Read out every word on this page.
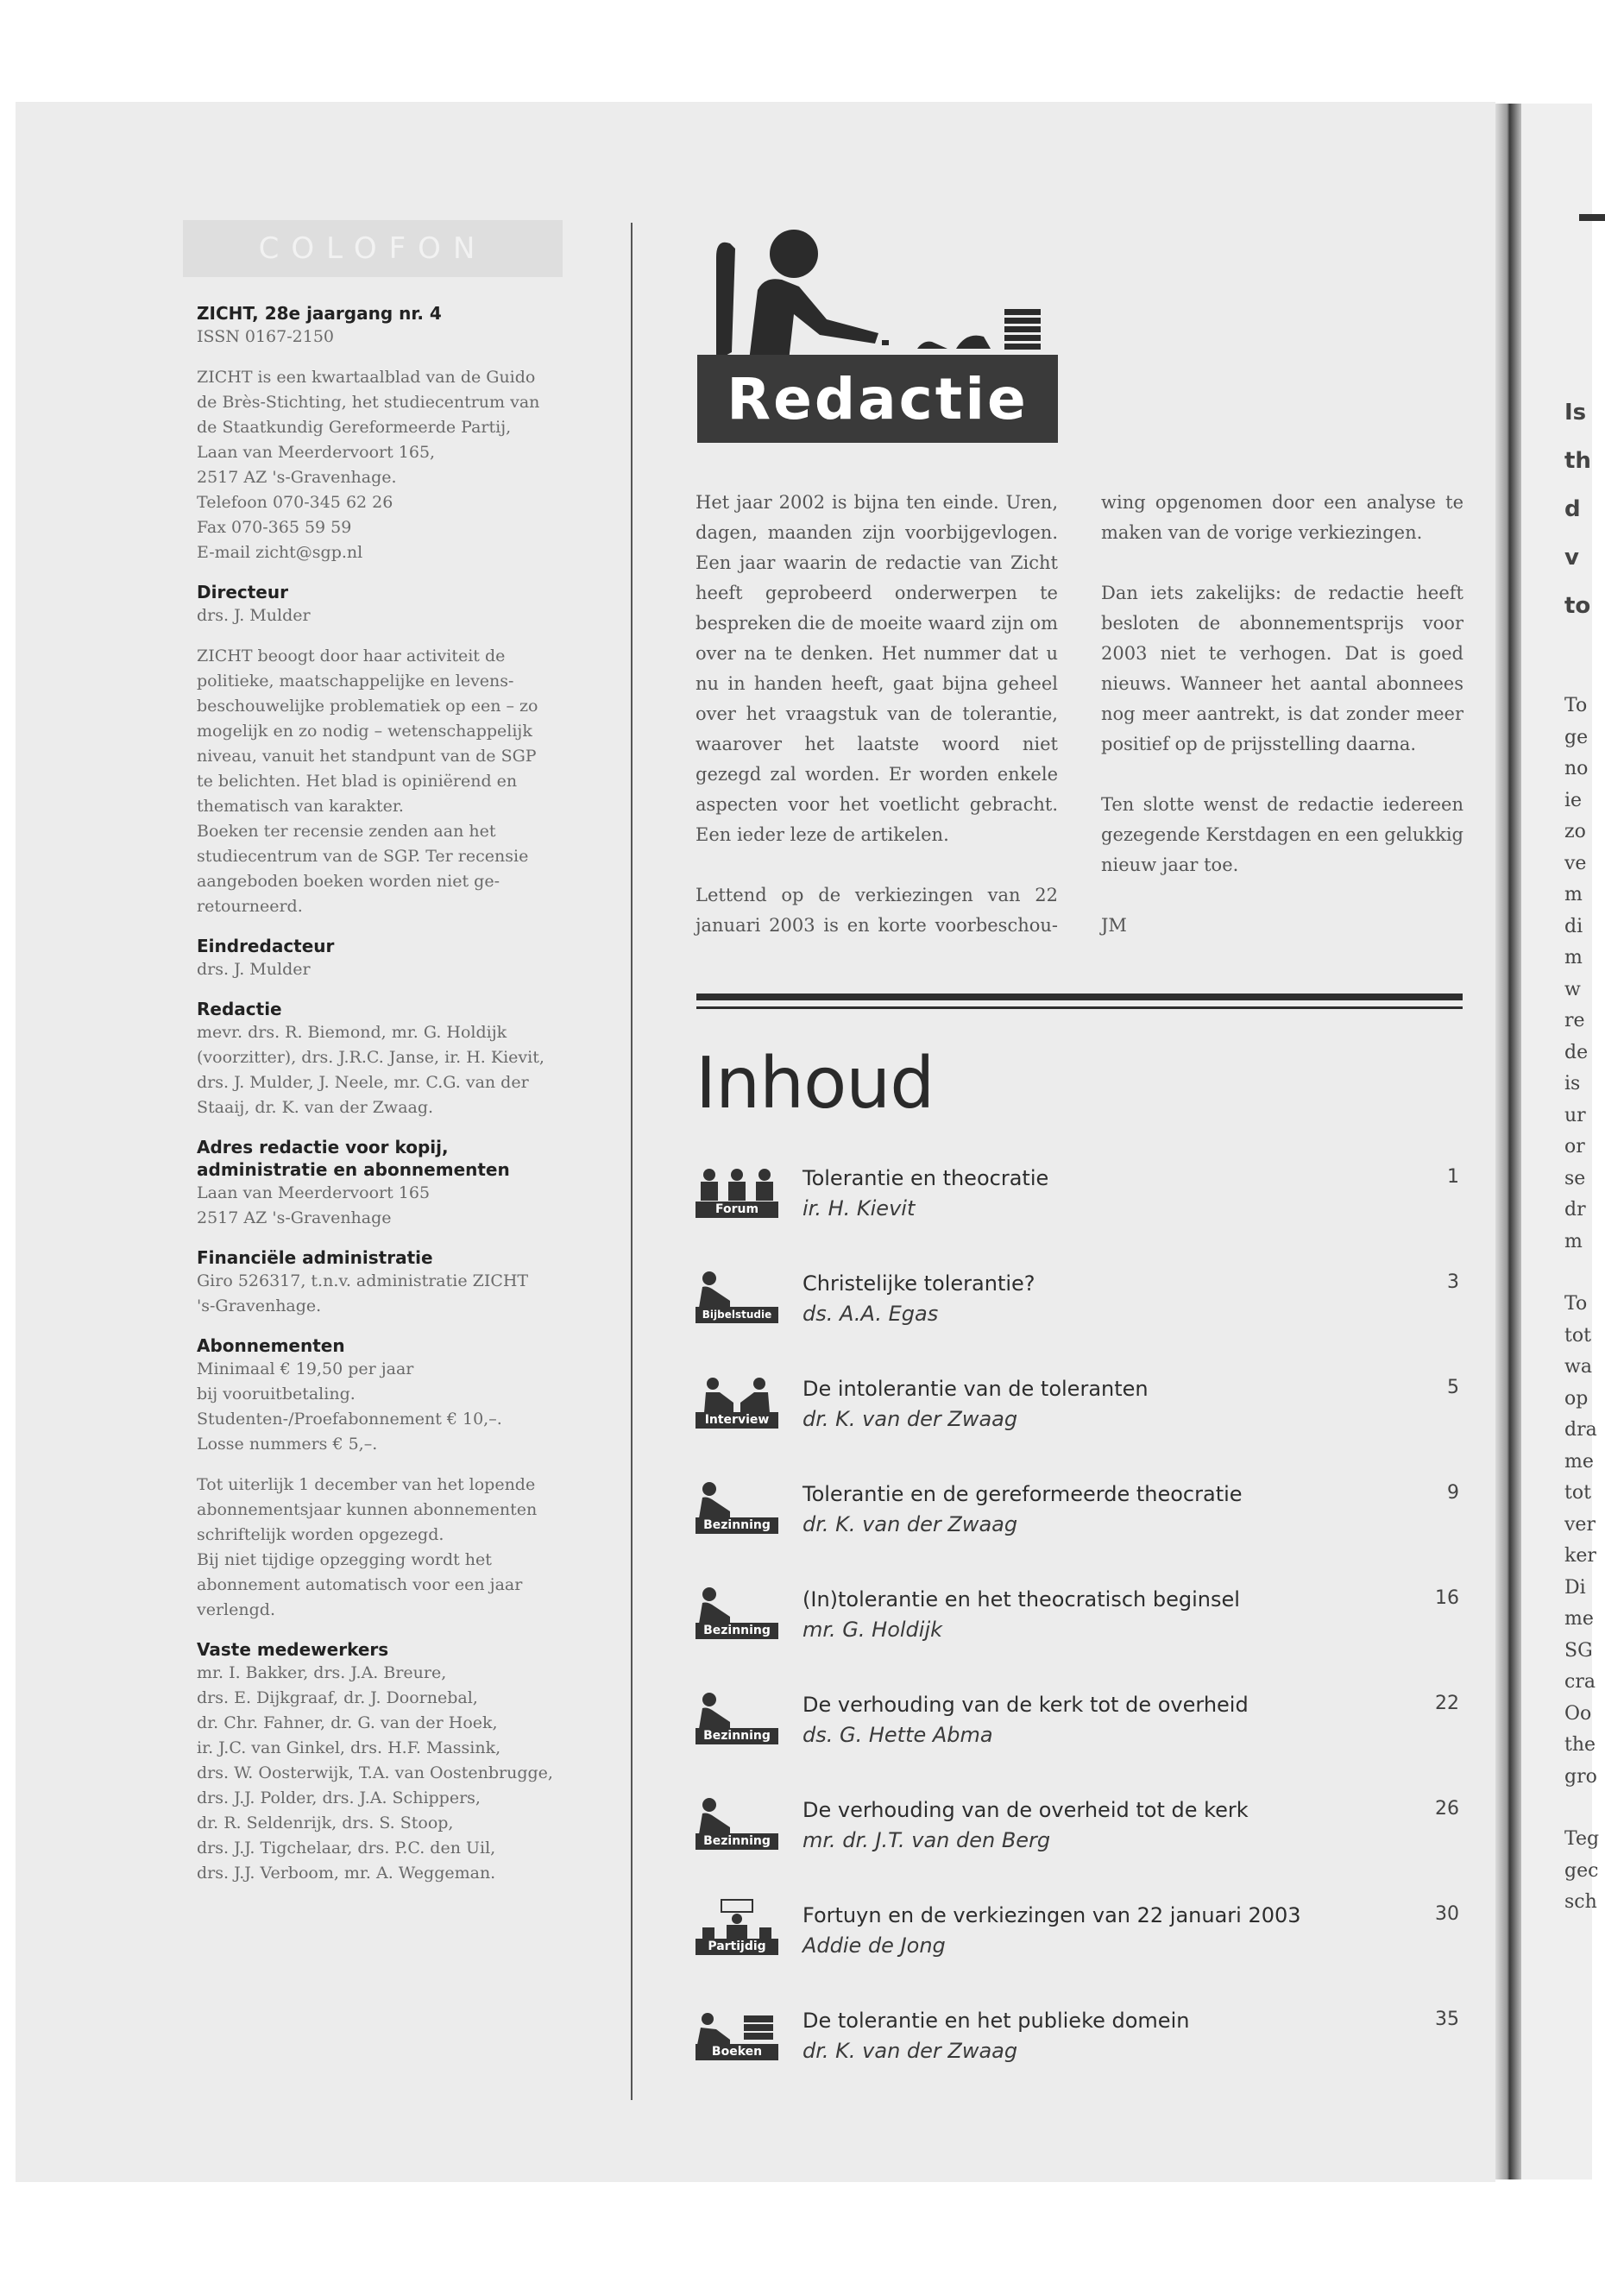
COLOFON
ZICHT, 28e jaargang nr. 4
ISSN 0167-2150
ZICHT is een kwartaalblad van de Guido
de Brès-Stichting, het studiecentrum van
de Staatkundig Gereformeerde Partij,
Laan van Meerdervoort 165,
2517 AZ 's-Gravenhage.
Telefoon 070-345 62 26
Fax 070-365 59 59
E-mail zicht@sgp.nl
Directeur
drs. J. Mulder
ZICHT beoogt door haar activiteit de
politieke, maatschappelijke en levens-
beschouwelijke problematiek op een – zo
mogelijk en zo nodig – wetenschappelijk
niveau, vanuit het standpunt van de SGP
te belichten. Het blad is opiniërend en
thematisch van karakter.
Boeken ter recensie zenden aan het
studiecentrum van de SGP. Ter recensie
aangeboden boeken worden niet ge-
retourneerd.
Eindredacteur
drs. J. Mulder
Redactie
mevr. drs. R. Biemond, mr. G. Holdijk
(voorzitter), drs. J.R.C. Janse, ir. H. Kievit,
drs. J. Mulder, J. Neele, mr. C.G. van der
Staaij, dr. K. van der Zwaag.
Adres redactie voor kopij,
administratie en abonnementen
Laan van Meerdervoort 165
2517 AZ 's-Gravenhage
Financiële administratie
Giro 526317, t.n.v. administratie ZICHT
's-Gravenhage.
Abonnementen
Minimaal € 19,50 per jaar
bij vooruitbetaling.
Studenten-/Proefabonnement € 10,–.
Losse nummers € 5,–.
Tot uiterlijk 1 december van het lopende
abonnementsjaar kunnen abonnementen
schriftelijk worden opgezegd.
Bij niet tijdige opzegging wordt het
abonnement automatisch voor een jaar
verlengd.
Vaste medewerkers
mr. I. Bakker, drs. J.A. Breure,
drs. E. Dijkgraaf, dr. J. Doornebal,
dr. Chr. Fahner, dr. G. van der Hoek,
ir. J.C. van Ginkel, drs. H.F. Massink,
drs. W. Oosterwijk, T.A. van Oostenbrugge,
drs. J.J. Polder, drs. J.A. Schippers,
dr. R. Seldenrijk, drs. S. Stoop,
drs. J.J. Tigchelaar, drs. P.C. den Uil,
drs. J.J. Verboom, mr. A. Weggeman.
Redactie

Het jaar 2002 is bijna ten einde. Uren, dagen, maanden zijn voorbijgevlogen. Een jaar waarin de redactie van Zicht heeft geprobeerd onderwerpen te bespreken die de moeite waard zijn om over na te denken. Het nummer dat u nu in handen heeft, gaat bijna geheel over het vraagstuk van de tolerantie, waarover het laatste woord niet gezegd zal worden. Er worden enkele aspecten voor het voetlicht gebracht. Een ieder leze de artikelen.

Lettend op de verkiezingen van 22 januari 2003 is en korte voorbeschou-

wing opgenomen door een analyse te maken van de vorige verkiezingen.

Dan iets zakelijks: de redactie heeft besloten de abonnementsprijs voor 2003 niet te verhogen. Dat is goed nieuws. Wanneer het aantal abonnees nog meer aantrekt, is dat zonder meer positief op de prijsstelling daarna.

Ten slotte wenst de redactie iedereen gezegende Kerstdagen en een gelukkig nieuw jaar toe.

JM

Inhoud
Forum
Tolerantie en theocratie
ir. H. Kievit
1
Bijbelstudie
Christelijke tolerantie?
ds. A.A. Egas
3
Interview
De intolerantie van de toleranten
dr. K. van der Zwaag
5
Bezinning
Tolerantie en de gereformeerde theocratie
dr. K. van der Zwaag
9
Bezinning
(In)tolerantie en het theocratisch beginsel
mr. G. Holdijk
16
Bezinning
De verhouding van de kerk tot de overheid
ds. G. Hette Abma
22
Bezinning
De verhouding van de overheid tot de kerk
mr. dr. J.T. van den Berg
26
Partijdig
Fortuyn en de verkiezingen van 22 januari 2003
Addie de Jong
30
Boeken
De tolerantie en het publieke domein
dr. K. van der Zwaag
35
Is
th
d
v
to
To
ge
no
ie
zo
ve
m
di
m
w
re
de
is
ur
or
se
dr
m
To
tot
wa
op
dra
me
tot
ver
ker
Di
me
SG
cra
Oo
the
gro
Teg
gec
sch
